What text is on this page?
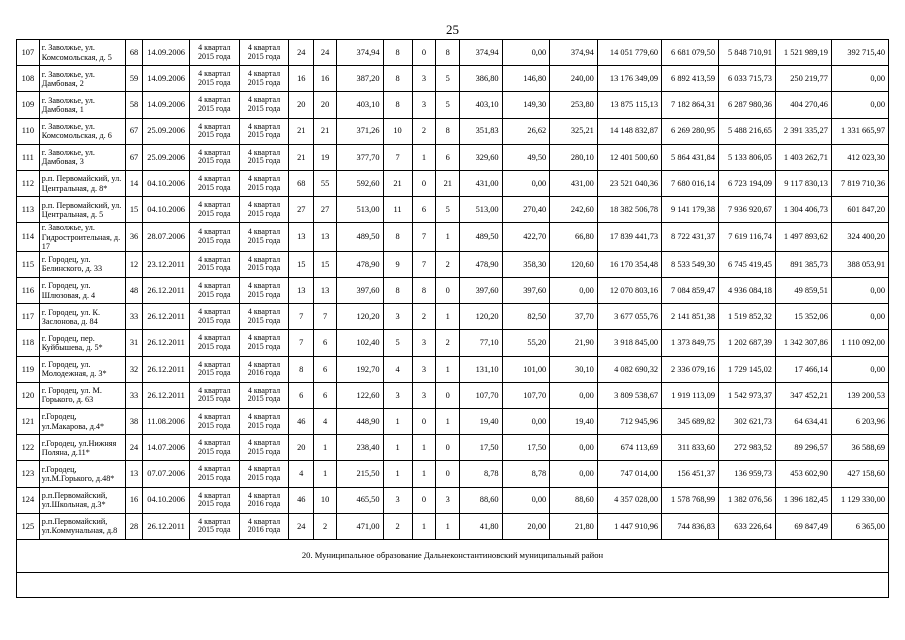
25
107	г. Заволжье, ул. Комсомольская, д. 5	68	14.09.2006	4 квартал 2015 года	4 квартал 2015 года	24	24	374,94	8	0	8	374,94	0,00	374,94	14 051 779,60	6 681 079,50	5 848 710,91	1 521 989,19	392 715,40
108	г. Заволжье, ул. Дамбовая, 2	59	14.09.2006	4 квартал 2015 года	4 квартал 2015 года	16	16	387,20	8	3	5	386,80	146,80	240,00	13 176 349,09	6 892 413,59	6 033 715,73	250 219,77	0,00
109	г. Заволжье, ул. Дамбовая, 1	58	14.09.2006	4 квартал 2015 года	4 квартал 2015 года	20	20	403,10	8	3	5	403,10	149,30	253,80	13 875 115,13	7 182 864,31	6 287 980,36	404 270,46	0,00
110	г. Заволжье, ул. Комсомольская, д. 6	67	25.09.2006	4 квартал 2015 года	4 квартал 2015 года	21	21	371,26	10	2	8	351,83	26,62	325,21	14 148 832,87	6 269 280,95	5 488 216,65	2 391 335,27	1 331 665,97
111	г. Заволжье, ул. Дамбовая, 3	67	25.09.2006	4 квартал 2015 года	4 квартал 2015 года	21	19	377,70	7	1	6	329,60	49,50	280,10	12 401 500,60	5 864 431,84	5 133 806,05	1 403 262,71	412 023,30
112	р.п. Первомайский, ул. Центральная, д. 8*	14	04.10.2006	4 квартал 2015 года	4 квартал 2015 года	68	55	592,60	21	0	21	431,00	0,00	431,00	23 521 040,36	7 680 016,14	6 723 194,09	9 117 830,13	7 819 710,36
113	р.п. Первомайский, ул. Центральная, д. 5	15	04.10.2006	4 квартал 2015 года	4 квартал 2015 года	27	27	513,00	11	6	5	513,00	270,40	242,60	18 382 506,78	9 141 179,38	7 936 920,67	1 304 406,73	601 847,20
114	г. Заволжье, ул. Гидростроительная, д. 17	36	28.07.2006	4 квартал 2015 года	4 квартал 2015 года	13	13	489,50	8	7	1	489,50	422,70	66,80	17 839 441,73	8 722 431,37	7 619 116,74	1 497 893,62	324 400,20
115	г. Городец, ул. Белинского, д. 33	12	23.12.2011	4 квартал 2015 года	4 квартал 2015 года	15	15	478,90	9	7	2	478,90	358,30	120,60	16 170 354,48	8 533 549,30	6 745 419,45	891 385,73	388 053,91
116	г. Городец, ул. Шлюзовая, д. 4	48	26.12.2011	4 квартал 2015 года	4 квартал 2015 года	13	13	397,60	8	8	0	397,60	397,60	0,00	12 070 803,16	7 084 859,47	4 936 084,18	49 859,51	0,00
117	г. Городец, ул. К. Заслонова, д. 84	33	26.12.2011	4 квартал 2015 года	4 квартал 2015 года	7	7	120,20	3	2	1	120,20	82,50	37,70	3 677 055,76	2 141 851,38	1 519 852,32	15 352,06	0,00
118	г. Городец, пер. Куйбышева, д. 5*	31	26.12.2011	4 квартал 2015 года	4 квартал 2015 года	7	6	102,40	5	3	2	77,10	55,20	21,90	3 918 845,00	1 373 849,75	1 202 687,39	1 342 307,86	1 110 092,00
119	г. Городец, ул. Молодежная, д. 3*	32	26.12.2011	4 квартал 2015 года	4 квартал 2016 года	8	6	192,70	4	3	1	131,10	101,00	30,10	4 082 690,32	2 336 079,16	1 729 145,02	17 466,14	0,00
120	г. Городец, ул. М. Горького, д. 63	33	26.12.2011	4 квартал 2015 года	4 квартал 2015 года	6	6	122,60	3	3	0	107,70	107,70	0,00	3 809 538,67	1 919 113,09	1 542 973,37	347 452,21	139 200,53
121	г.Городец, ул.Макарова, д.4*	38	11.08.2006	4 квартал 2015 года	4 квартал 2015 года	46	4	448,90	1	0	1	19,40	0,00	19,40	712 945,96	345 689,82	302 621,73	64 634,41	6 203,96
122	г.Городец, ул.Нижняя Поляна, д.11*	24	14.07.2006	4 квартал 2015 года	4 квартал 2015 года	20	1	238,40	1	1	0	17,50	17,50	0,00	674 113,69	311 833,60	272 983,52	89 296,57	36 588,69
123	г.Городец, ул.М.Горького, д.48*	13	07.07.2006	4 квартал 2015 года	4 квартал 2015 года	4	1	215,50	1	1	0	8,78	8,78	0,00	747 014,00	156 451,37	136 959,73	453 602,90	427 158,60
124	р.п.Первомайский, ул.Школьная, д.3*	16	04.10.2006	4 квартал 2015 года	4 квартал 2016 года	46	10	465,50	3	0	3	88,60	0,00	88,60	4 357 028,00	1 578 768,99	1 382 076,56	1 396 182,45	1 129 330,00
125	р.п.Первомайский, ул.Коммунальная, д.8	28	26.12.2011	4 квартал 2015 года	4 квартал 2016 года	24	2	471,00	2	1	1	41,80	20,00	21,80	1 447 910,96	744 836,83	633 226,64	69 847,49	6 365,00
20. Муниципальное образование Дальнеконстантиновский муниципальный район																			
